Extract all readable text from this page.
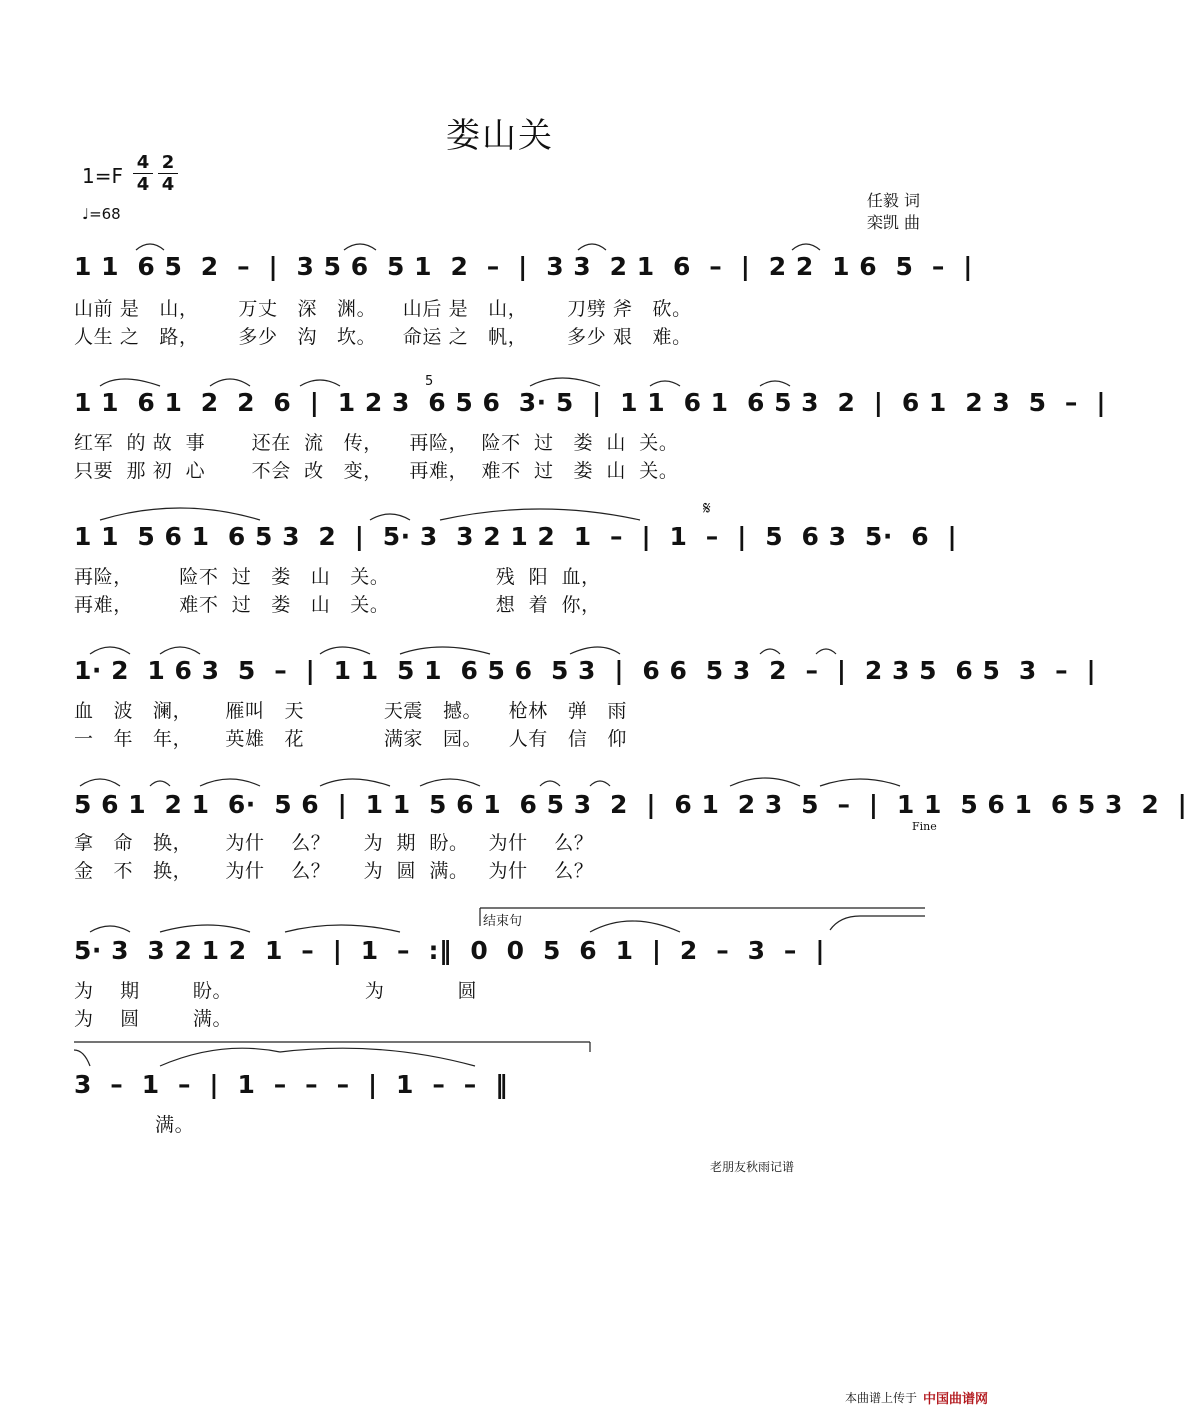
娄山关
1=F
4
4
2
4
♩=68
任毅 词
栾凯 曲
1 1  6 5  2  –  |  3 5 6  5 1  2  –  |  3 3  2 1  6  –  |  2 2  1 6  5  –  |
山前 是   山，      万丈   深   渊。    山后 是   山，      刀劈 斧   砍。
人生 之   路，      多少   沟   坎。    命运 之   帆，      多少 艰   难。
1 1  6 1  2  2  6  |  1 2 3  6 5 6  3· 5  |  1 1  6 1  6 5 3  2  |  6 1  2 3  5  –  |
5
红军  的 故  事       还在  流   传，    再险，  险不  过   娄  山  关。
只要  那 初  心       不会  改   变，    再难，  难不  过   娄  山  关。
1 1  5 6 1  6 5 3  2  |  5· 3  3 2 1 2  1  –  |  1  –  |  5  6 3  5·  6  |
𝄋
再险，       险不  过   娄   山   关。                残  阳  血，
再难，       难不  过   娄   山   关。                想  着  你，
1· 2  1 6 3  5  –  |  1 1  5 1  6 5 6  5 3  |  6 6  5 3  2  –  |  2 3 5  6 5  3  –  |
血   波   澜，     雁叫   天            天震   撼。    枪林   弹   雨
一   年   年，     英雄   花            满家   园。    人有   信   仰
5 6 1  2 1  6·  5 6  |  1 1  5 6 1  6 5 3  2  |  6 1  2 3  5  –  |  1 1  5 6 1  6 5 3  2  |
Fine
拿   命   换，     为什    么？     为  期  盼。   为什    么？
金   不   换，     为什    么？     为  圆  满。   为什    么？
结束句
5· 3  3 2 1 2  1  –  |  1  –  :‖  0  0  5  6  1  |  2  –  3  –  |
为    期        盼。                    为           圆
为    圆        满。
3  –  1  –  |  1  –  –  –  |  1  –  –  ‖
满。
老朋友秋雨记谱
本曲谱上传于 中国曲谱网
